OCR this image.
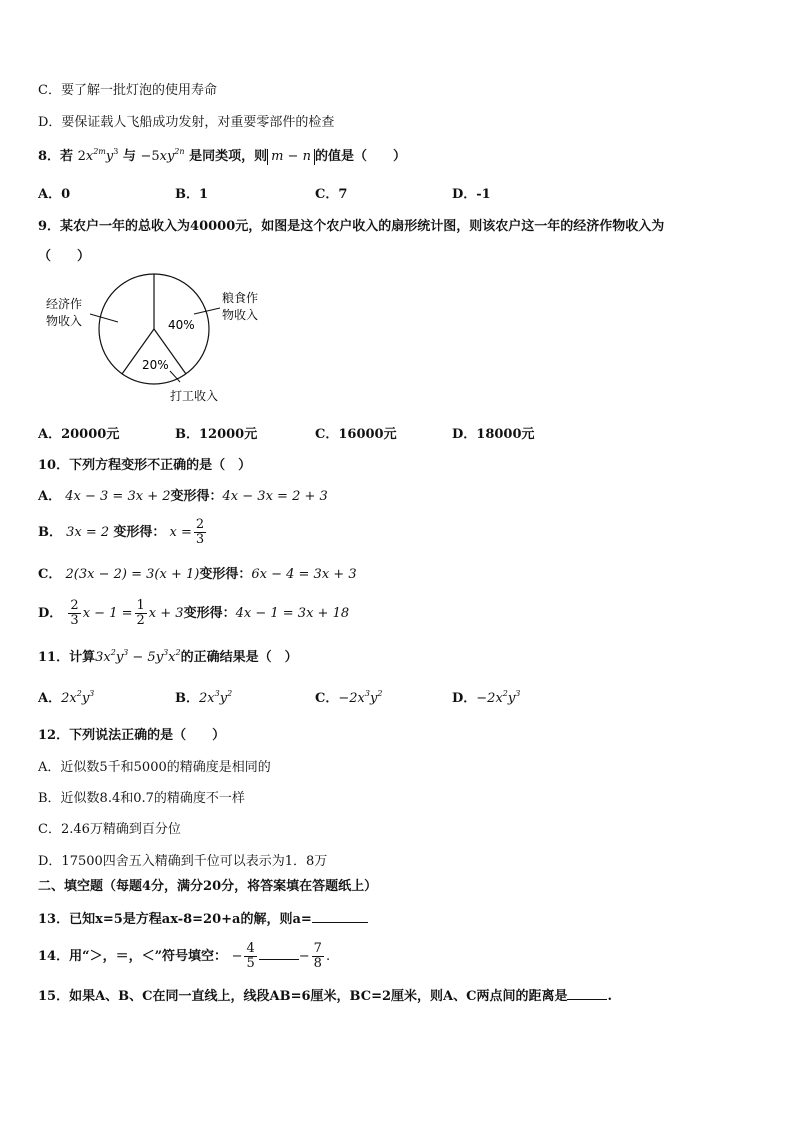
C．要了解一批灯泡的使用寿命
D．要保证载人飞船成功发射，对重要零部件的检查
8．若 $2x^{2m}y^3$ 与 $-5xy^{2n}$ 是同类项，则 m − n 的值是（　　）
A．0	B．1	C．7	D．-1
9．某农户一年的总收入为40000元，如图是这个农户收入的扇形统计图，则该农户这一年的经济作物收入为
（　　）
40%
20%
粮食作
物收入
经济作
物收入
打工收入
A．20000元	B．12000元	C．16000元	D．18000元
10．下列方程变形不正确的是（　）
A． 4x − 3 = 3x + 2变形得：4x − 3x = 2 + 3
B． 3x = 2 变形得： $x = \frac{2}{3}$
C． 2(3x − 2) = 3(x + 1)变形得：6x − 4 = 3x + 3
D． $\frac{2}{3}$ $x - 1 = \frac{1}{2}$ x + 3变形得：4x − 1 = 3x + 18
11．计算$3x^2y^3 - 5y^3x^2$的正确结果是（　）
A．$2x^2y^3$	B．$2x^3y^2$	C．$-2x^3y^2$	D．$-2x^2y^3$
12．下列说法正确的是（　　）
A．近似数5千和5000的精确度是相同的
B．近似数8.4和0.7的精确度不一样
C．2.46万精确到百分位
D．17500四舍五入精确到千位可以表示为1．8万
二、填空题（每题4分，满分20分，将答案填在答题纸上）
13．已知x=5是方程ax-8=20+a的解，则a=
14．用“＞，＝，＜”符号填空： − $\frac{4}{5}$	− $\frac{7}{8}$ .
15．如果A、B、C在同一直线上，线段AB=6厘米，BC=2厘米，则A、C两点间的距离是	.
